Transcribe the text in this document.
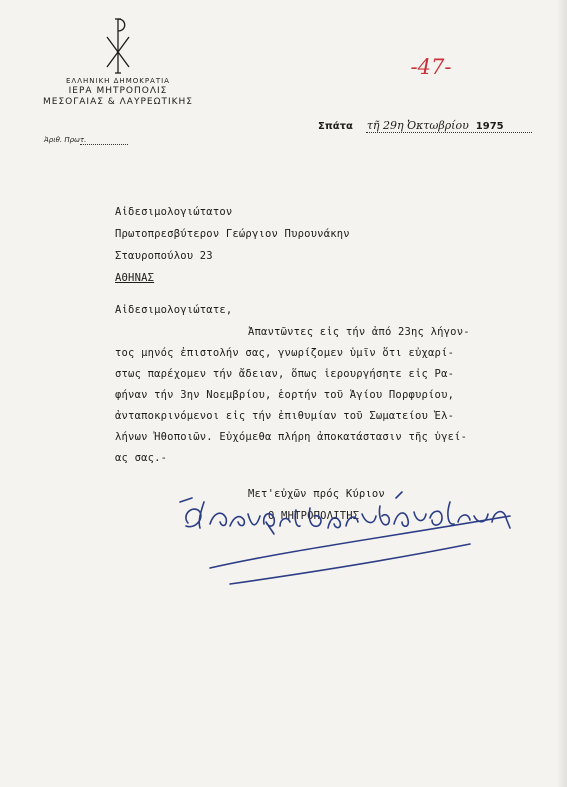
ΕΛΛΗΝΙΚΗ ΔΗΜΟΚΡΑΤΙΑ
ΙΕΡΑ ΜΗΤΡΟΠΟΛΙΣ
ΜΕΣΟΓΑΙΑΣ & ΛΑΥΡΕΩΤΙΚΗΣ
Ἀριθ. Πρωτ.
-47-
Σπάτα τῆ 29η Ὀκτωβρίου 1975
Αἰδεσιμολογιώτατον
Πρωτοπρεσβύτερον Γεώργιον Πυρουνάκην
Σταυροπούλου 23
ΑΘΗΝΑΣ
Αἰδεσιμολογιώτατε,
Ἀπαντῶντες εἰς τήν ἀπό 23ης λήγον-
τος μηνός ἐπιστολήν σας, γνωρίζομεν ὑμῖν ὅτι εὐχαρί-
στως παρέχομεν τήν ἄδειαν, ὅπως ἱερουργήσητε εἰς Ρα-
φήναν τήν 3ην Νοεμβρίου, ἑορτήν τοῦ Ἁγίου Πορφυρίου,
ἀνταποκρινόμενοι εἰς τήν ἐπιθυμίαν τοῦ Σωματείου Ἑλ-
λήνων Ἠθοποιῶν. Εὐχόμεθα πλήρη ἀποκατάστασιν τῆς ὑγεί-
ας σας.-
Μετ'εὐχῶν πρός Κύριον
Ο ΜΗΤΡΟΠΟΛΙΤΗΣ
